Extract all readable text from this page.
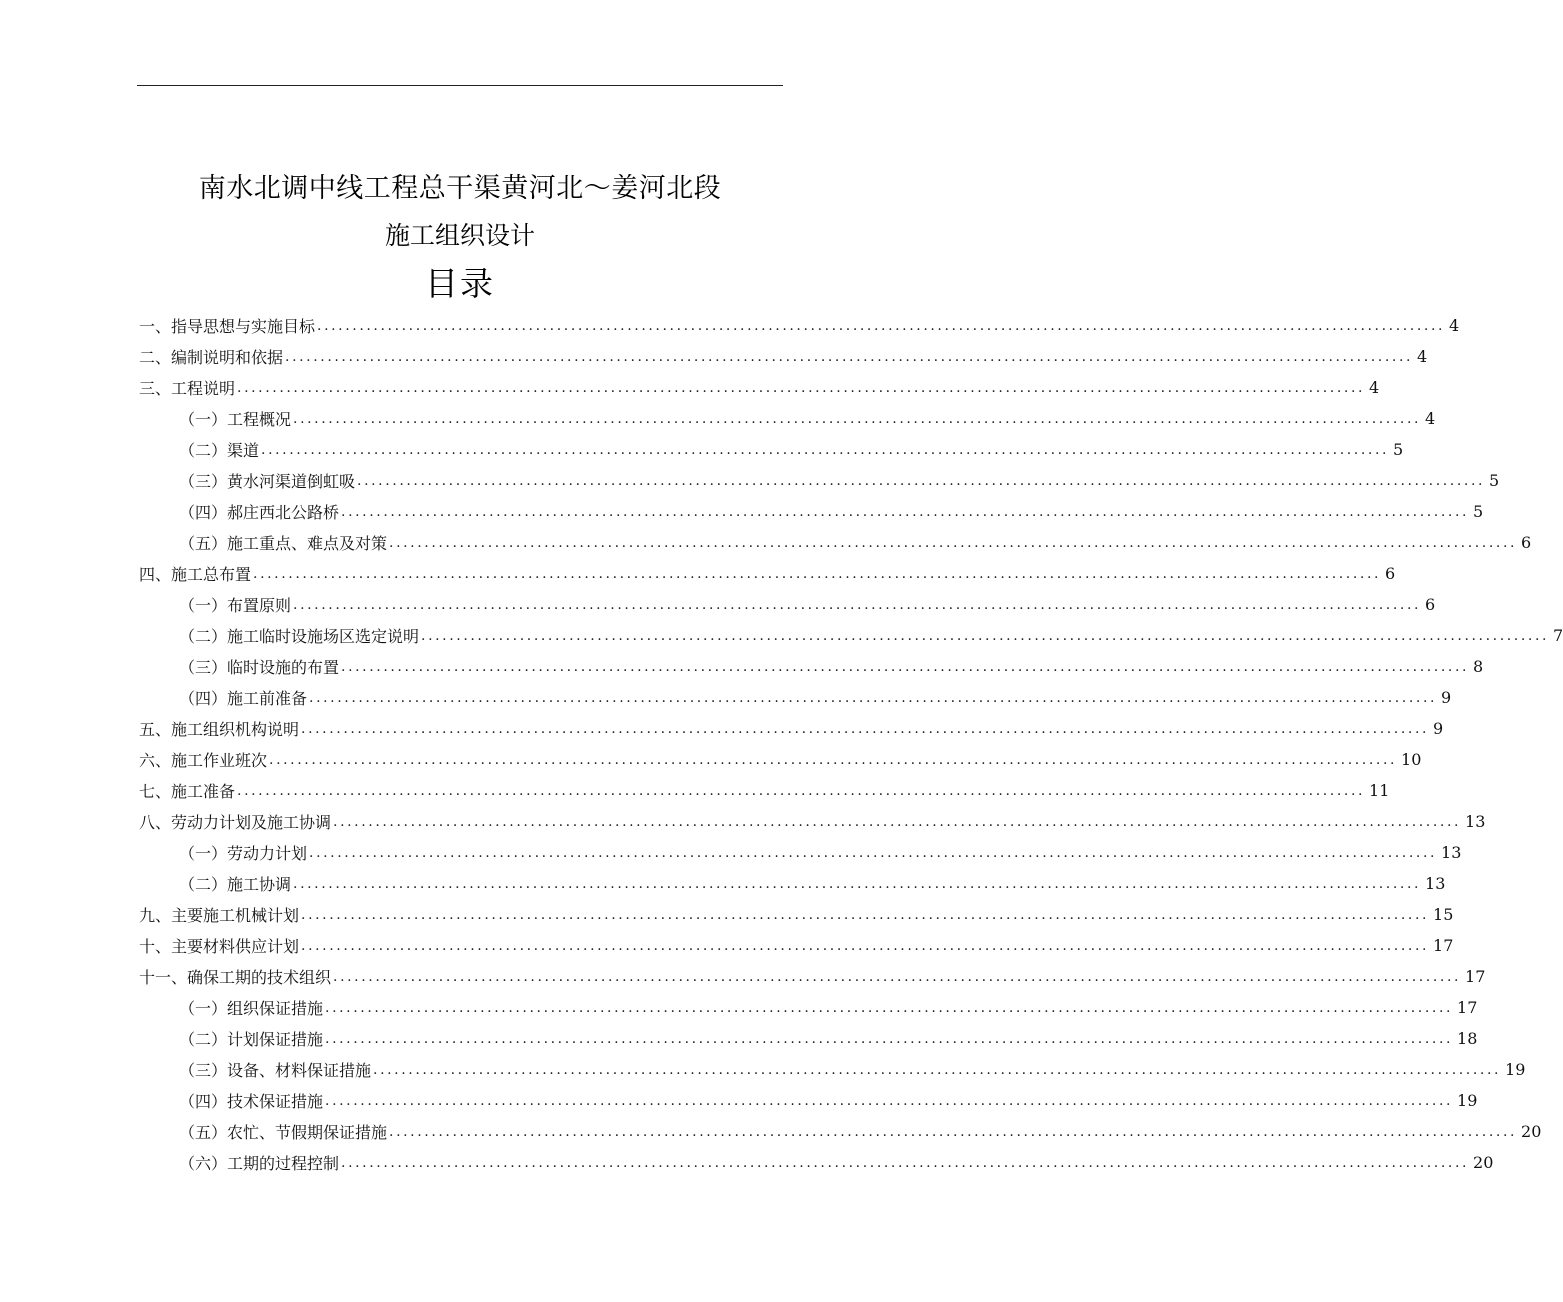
南水北调中线工程总干渠黄河北～姜河北段
施工组织设计
目录
一、指导思想与实施目标 ................................................................................................................................................................ 4
二、编制说明和依据 ................................................................................................................................................................ 4
三、工程说明 ................................................................................................................................................................ 4
（一）工程概况 ................................................................................................................................................................ 4
（二）渠道 ................................................................................................................................................................ 5
（三）黄水河渠道倒虹吸 ................................................................................................................................................................ 5
（四）郝庄西北公路桥 ................................................................................................................................................................ 5
（五）施工重点、难点及对策 ................................................................................................................................................................ 6
四、施工总布置 ................................................................................................................................................................ 6
（一）布置原则 ................................................................................................................................................................ 6
（二）施工临时设施场区选定说明 ................................................................................................................................................................ 7
（三）临时设施的布置 ................................................................................................................................................................ 8
（四）施工前准备 ................................................................................................................................................................ 9
五、施工组织机构说明 ................................................................................................................................................................ 9
六、施工作业班次 ................................................................................................................................................................ 10
七、施工准备 ................................................................................................................................................................ 11
八、劳动力计划及施工协调 ................................................................................................................................................................ 13
（一）劳动力计划 ................................................................................................................................................................ 13
（二）施工协调 ................................................................................................................................................................ 13
九、主要施工机械计划 ................................................................................................................................................................ 15
十、主要材料供应计划 ................................................................................................................................................................ 17
十一、确保工期的技术组织 ................................................................................................................................................................ 17
（一）组织保证措施 ................................................................................................................................................................ 17
（二）计划保证措施 ................................................................................................................................................................ 18
（三）设备、材料保证措施 ................................................................................................................................................................ 19
（四）技术保证措施 ................................................................................................................................................................ 19
（五）农忙、节假期保证措施 ................................................................................................................................................................ 20
（六）工期的过程控制 ................................................................................................................................................................ 20
